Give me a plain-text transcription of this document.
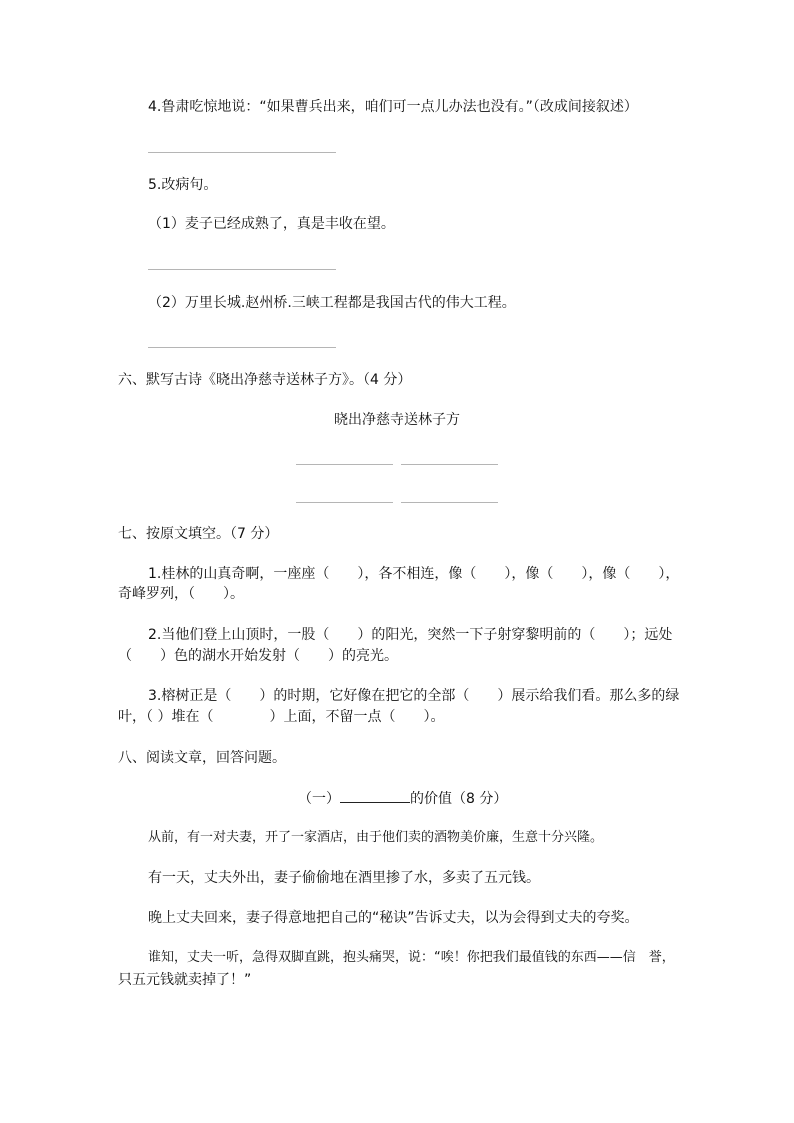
4.鲁肃吃惊地说：“如果曹兵出来，咱们可一点儿办法也没有。”（改成间接叙述）
5.改病句。
（1）麦子已经成熟了，真是丰收在望。
（2）万里长城.赵州桥.三峡工程都是我国古代的伟大工程。
六、默写古诗《晓出净慈寺送林子方》。（4 分）
晓出净慈寺送林子方
七、按原文填空。（7 分）
1.桂林的山真奇啊，一座座（　　），各不相连，像（　　），像（　　），像（　　），
奇峰罗列，（　　）。
2.当他们登上山顶时，一股（　　）的阳光，突然一下子射穿黎明前的（　　）；远处
（　　）色的湖水开始发射（　　）的亮光。
3.榕树正是（　　）的时期，它好像在把它的全部（　　）展示给我们看。那么多的绿
叶，（ ）堆在（　　　　）上面，不留一点（　　）。
八、阅读文章，回答问题。
（一）	的价值（8 分）
从前，有一对夫妻，开了一家酒店，由于他们卖的酒物美价廉，生意十分兴隆。
有一天，丈夫外出，妻子偷偷地在酒里掺了水，多卖了五元钱。
晚上丈夫回来，妻子得意地把自己的“秘诀”告诉丈夫，以为会得到丈夫的夸奖。
谁知，丈夫一听，急得双脚直跳，抱头痛哭，说：“唉！你把我们最值钱的东西——信　誉，
只五元钱就卖掉了！”
